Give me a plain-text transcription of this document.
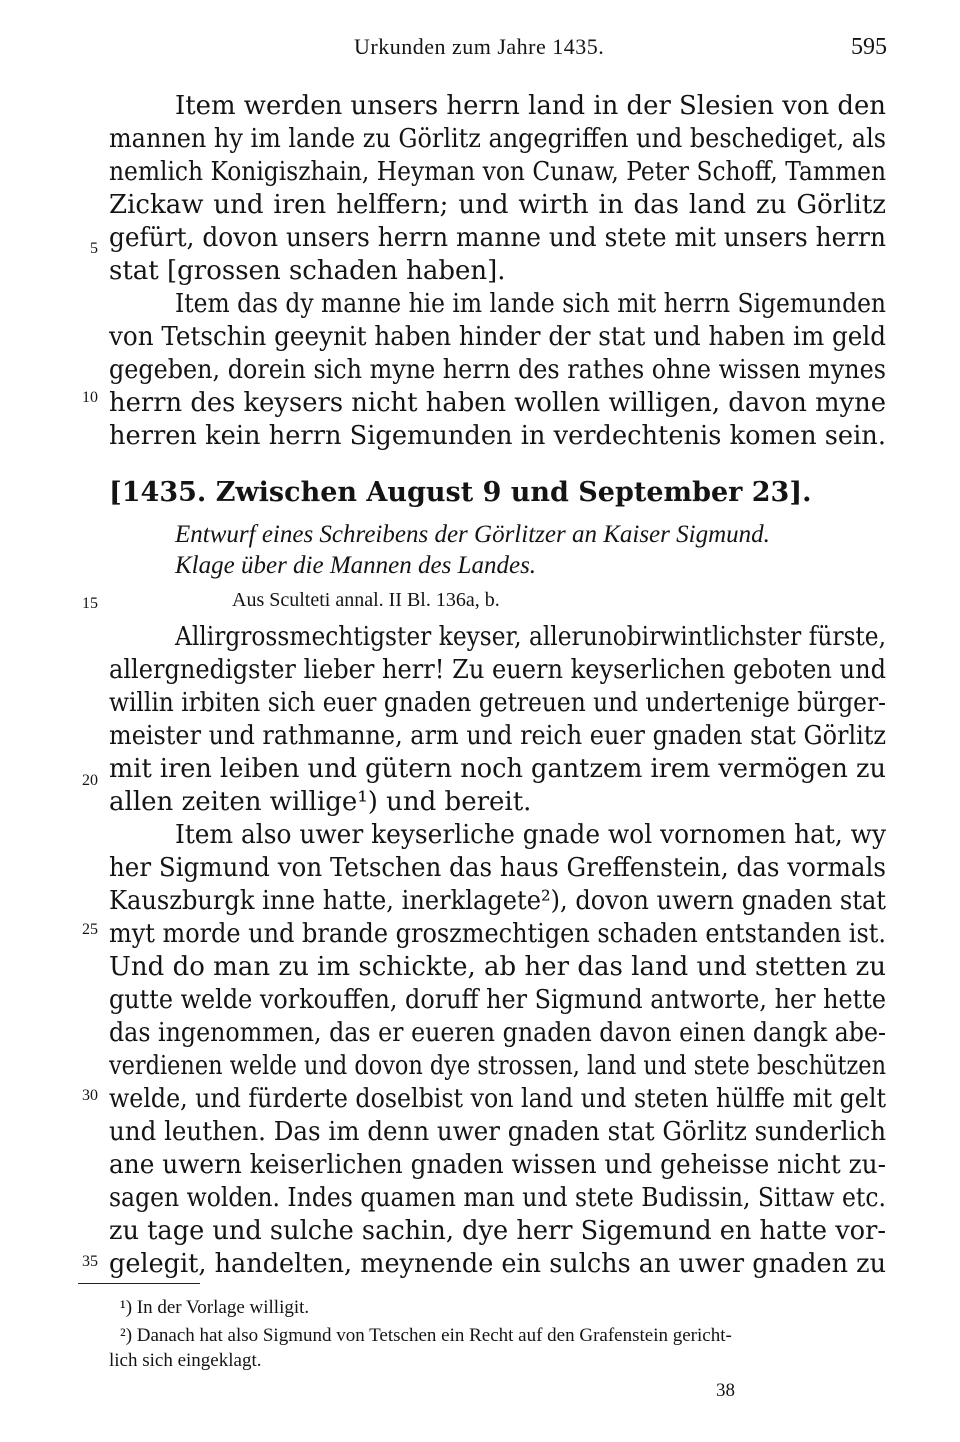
Urkunden zum Jahre 1435.	595
5
10
Item werden unsers herrn land in der Slesien von den
mannen hy im lande zu Görlitz angegriffen und beschediget, als
nemlich Konigiszhain, Heyman von Cunaw, Peter Schoff, Tammen
Zickaw und iren helffern; und wirth in das land zu Görlitz
gefürt, dovon unsers herrn manne und stete mit unsers herrn
stat [grossen schaden haben].
Item das dy manne hie im lande sich mit herrn Sigemunden
von Tetschin geeynit haben hinder der stat und haben im geld
gegeben, dorein sich myne herrn des rathes ohne wissen mynes
herrn des keysers nicht haben wollen willigen, davon myne
herren kein herrn Sigemunden in verdechtenis komen sein.
[1435. Zwischen August 9 und September 23].
Entwurf eines Schreibens der Görlitzer an Kaiser Sigmund.
Klage über die Mannen des Landes.
15	Aus Sculteti annal. II Bl. 136a, b.
20
25
30
35
Allirgrossmechtigster keyser, allerunobirwintlichster fürste,
allergnedigster lieber herr! Zu euern keyserlichen geboten und
willin irbiten sich euer gnaden getreuen und undertenige bürger-
meister und rathmanne, arm und reich euer gnaden stat Görlitz
mit iren leiben und gütern noch gantzem irem vermögen zu
allen zeiten willige¹) und bereit.
Item also uwer keyserliche gnade wol vornomen hat, wy
her Sigmund von Tetschen das haus Greffenstein, das vormals
Kauszburgk inne hatte, inerklagete²), dovon uwern gnaden stat
myt morde und brande groszmechtigen schaden entstanden ist.
Und do man zu im schickte, ab her das land und stetten zu
gutte welde vorkouffen, doruff her Sigmund antworte, her hette
das ingenommen, das er eueren gnaden davon einen dangk abe-
verdienen welde und dovon dye strossen, land und stete beschützen
welde, und fürderte doselbist von land und steten hülffe mit gelt
und leuthen. Das im denn uwer gnaden stat Görlitz sunderlich
ane uwern keiserlichen gnaden wissen und geheisse nicht zu-
sagen wolden. Indes quamen man und stete Budissin, Sittaw etc.
zu tage und sulche sachin, dye herr Sigemund en hatte vor-
gelegit, handelten, meynende ein sulchs an uwer gnaden zu
¹) In der Vorlage willigit.
²) Danach hat also Sigmund von Tetschen ein Recht auf den Grafenstein gericht-
lich sich eingeklagt.
38
